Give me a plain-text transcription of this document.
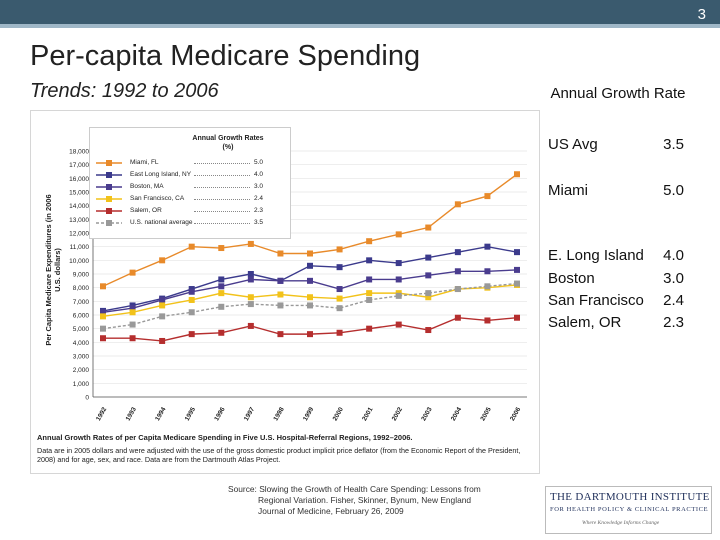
3
Per-capita Medicare Spending
Trends: 1992 to 2006	Annual Growth Rate
US Avg	3.5
Miami	5.0
E. Long Island 4.0
Boston	3.0
San Francisco 2.4
Salem, OR	2.3
0
1,000
2,000
3,000
4,000
5,000
6,000
7,000
8,000
9,000
10,000
11,000
12,000
13,000
14,000
15,000
16,000
17,000
18,000
1992	1993	1994	1995	1996	1997	1998	1999	2000	2001	2002	2003	2004	2005	2006
Per Capita Medicare Expenditures (in 2006 U.S. dollars)
Annual Growth Rates (%)
Miami, FL	5.0
East Long Island, NY	4.0
Boston, MA	3.0
San Francisco, CA	2.4
Salem, OR	2.3
U.S. national average	3.5
Annual Growth Rates of per Capita Medicare Spending in Five U.S. Hospital-Referral Regions, 1992–2006.
Data are in 2005 dollars and were adjusted with the use of the gross domestic product implicit price deflator (from the Economic Report of the President, 2008) and for age, sex, and race. Data are from the Dartmouth Atlas Project.
Source: Slowing the Growth of Health Care Spending: Lessons from
Regional Variation. Fisher, Skinner, Bynum, New England
Journal of Medicine, February 26, 2009
THE DARTMOUTH INSTITUTE
FOR HEALTH POLICY & CLINICAL PRACTICE
Where Knowledge Informs Change
